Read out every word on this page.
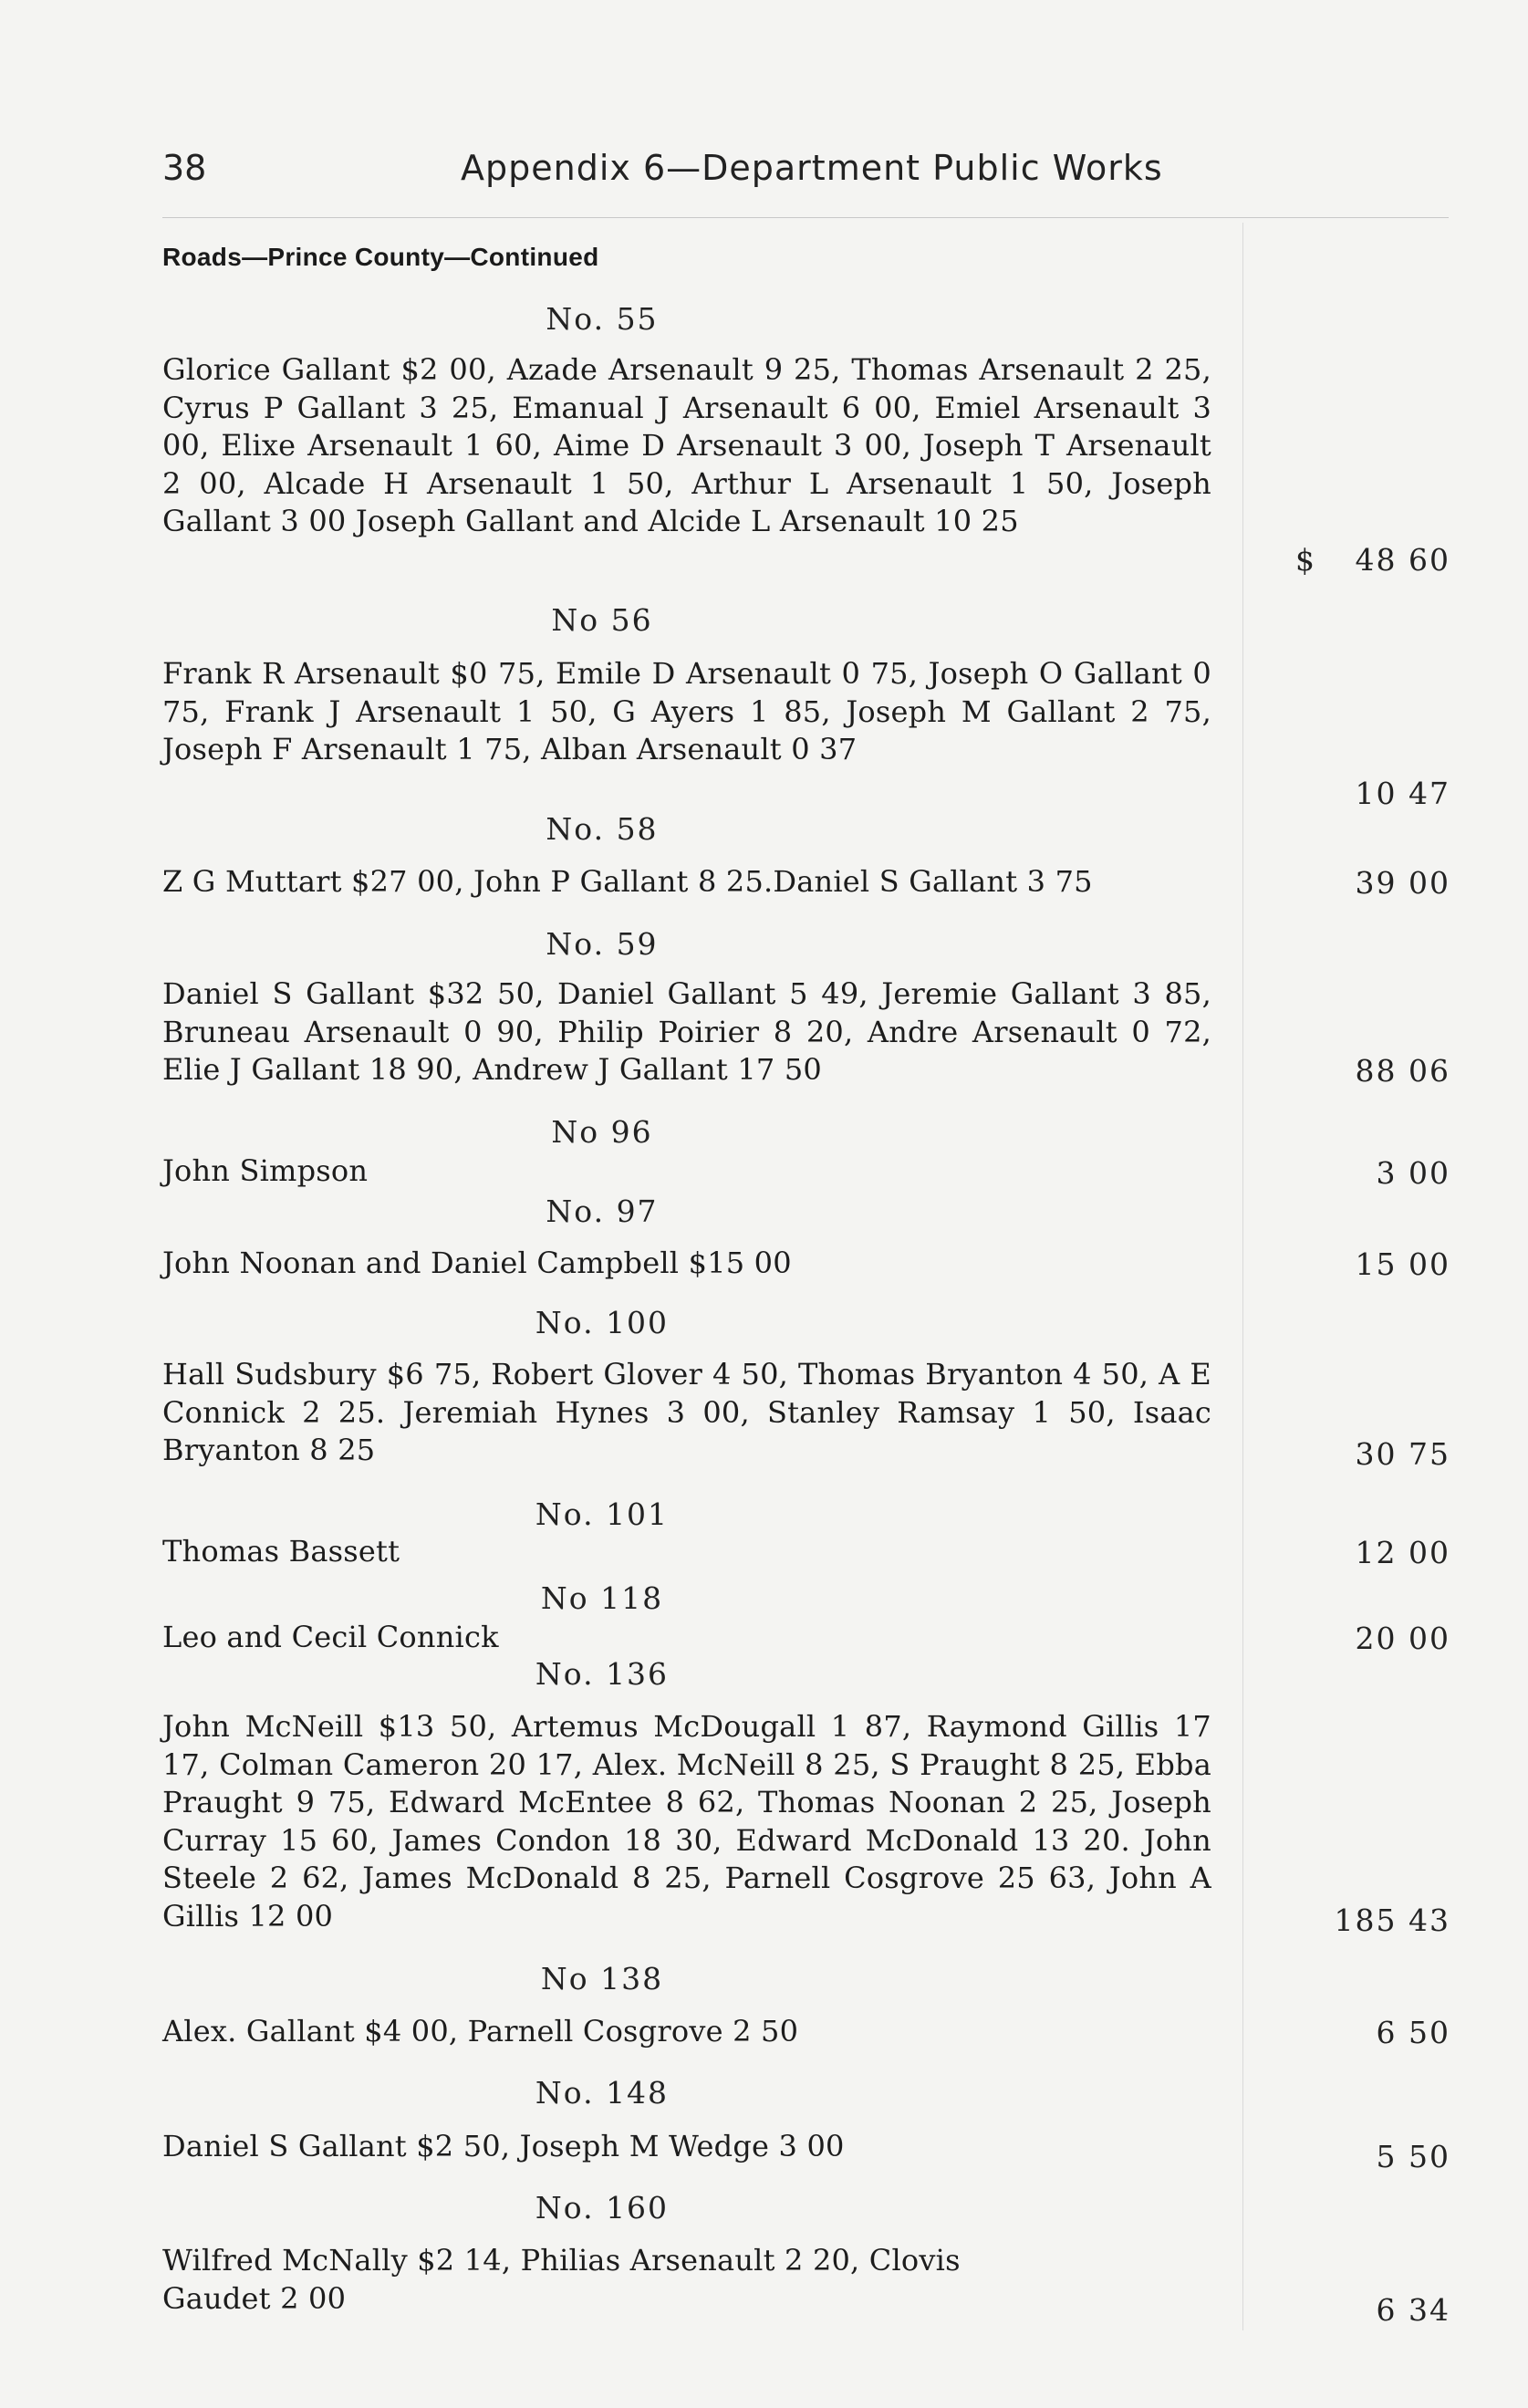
38	Appendix 6—Department Public Works
Roads—Prince County—Continued
No. 55
Glorice Gallant $2 00, Azade Arsenault 9 25, Thomas Arsenault 2 25, Cyrus P Gallant 3 25, Emanual J Arsenault 6 00, Emiel Arsenault 3 00, Elixe Arsenault 1 60, Aime D Arsenault 3 00, Joseph T Arsenault 2 00, Alcade H Arsenault 1 50, Arthur L Arsenault 1 50, Joseph Gallant 3 00 Joseph Gallant and Alcide L Arsenault 10 25
$	48 60
No 56
Frank R Arsenault $0 75, Emile D Arsenault 0 75, Joseph O Gallant 0 75, Frank J Arsenault 1 50, G Ayers 1 85, Joseph M Gallant 2 75, Joseph F Arsenault 1 75, Alban Arsenault 0 37
10 47
No. 58
Z G Muttart $27 00, John P Gallant 8 25.Daniel S Gallant 3 75	39 00
No. 59
Daniel S Gallant $32 50, Daniel Gallant 5 49, Jeremie Gallant 3 85, Bruneau Arsenault 0 90, Philip Poirier 8 20, Andre Arsenault 0 72, Elie J Gallant 18 90, Andrew J Gallant 17 50	88 06
No 96
John Simpson	3 00
No. 97
John Noonan and Daniel Campbell $15 00	15 00
No. 100
Hall Sudsbury $6 75, Robert Glover 4 50, Thomas Bryanton 4 50, A E Connick 2 25. Jeremiah Hynes 3 00, Stanley Ramsay 1 50, Isaac Bryanton 8 25	30 75
No. 101
Thomas Bassett	12 00
No 118
Leo and Cecil Connick	20 00
No. 136
John McNeill $13 50, Artemus McDougall 1 87, Raymond Gillis 17 17, Colman Cameron 20 17, Alex. McNeill 8 25, S Praught 8 25, Ebba Praught 9 75, Edward McEntee 8 62, Thomas Noonan 2 25, Joseph Curray 15 60, James Condon 18 30, Edward McDonald 13 20. John Steele 2 62, James McDonald 8 25, Parnell Cosgrove 25 63, John A Gillis 12 00	185 43
No 138
Alex. Gallant $4 00, Parnell Cosgrove 2 50	6 50
No. 148
Daniel S Gallant $2 50, Joseph M Wedge 3 00	5 50
No. 160
Wilfred McNally $2 14, Philias Arsenault 2 20, Clovis Gaudet 2 00	6 34
